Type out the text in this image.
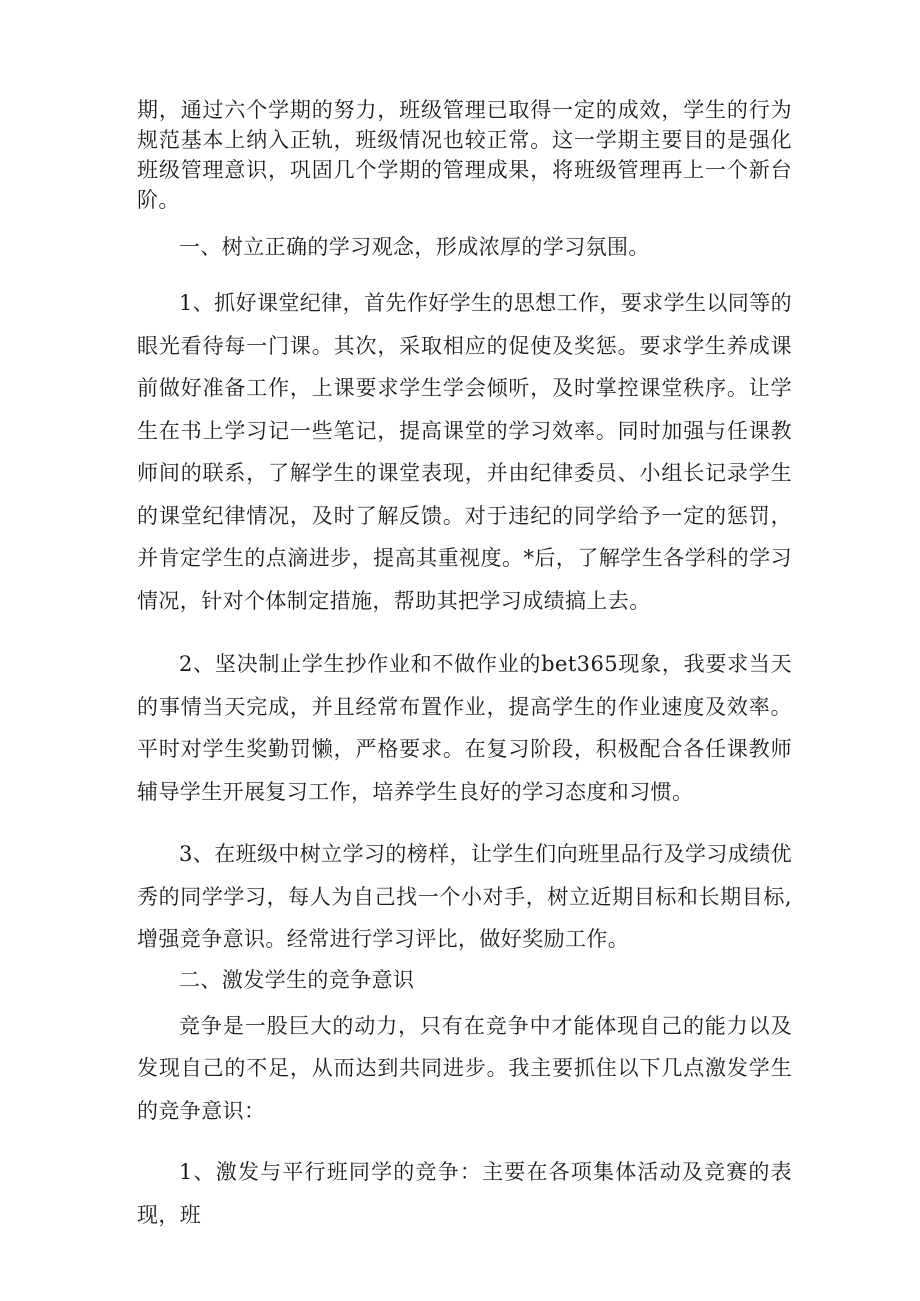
期，通过六个学期的努力，班级管理已取得一定的成效，学生的行为规范基本上纳入正轨，班级情况也较正常。这一学期主要目的是强化班级管理意识，巩固几个学期的管理成果，将班级管理再上一个新台阶。

一、树立正确的学习观念，形成浓厚的学习氛围。

1、抓好课堂纪律，首先作好学生的思想工作，要求学生以同等的眼光看待每一门课。其次，采取相应的促使及奖惩。要求学生养成课前做好准备工作，上课要求学生学会倾听，及时掌控课堂秩序。让学生在书上学习记一些笔记，提高课堂的学习效率。同时加强与任课教师间的联系，了解学生的课堂表现，并由纪律委员、小组长记录学生的课堂纪律情况，及时了解反馈。对于违纪的同学给予一定的惩罚，并肯定学生的点滴进步，提高其重视度。*后，了解学生各学科的学习情况，针对个体制定措施，帮助其把学习成绩搞上去。

2、坚决制止学生抄作业和不做作业的bet365现象，我要求当天的事情当天完成，并且经常布置作业，提高学生的作业速度及效率。平时对学生奖勤罚懒，严格要求。在复习阶段，积极配合各任课教师辅导学生开展复习工作，培养学生良好的学习态度和习惯。

3、在班级中树立学习的榜样，让学生们向班里品行及学习成绩优秀的同学学习，每人为自己找一个小对手，树立近期目标和长期目标,增强竞争意识。经常进行学习评比，做好奖励工作。

二、激发学生的竞争意识

竞争是一股巨大的动力，只有在竞争中才能体现自己的能力以及发现自己的不足，从而达到共同进步。我主要抓住以下几点激发学生的竞争意识：

1、激发与平行班同学的竞争：主要在各项集体活动及竞赛的表现，班
